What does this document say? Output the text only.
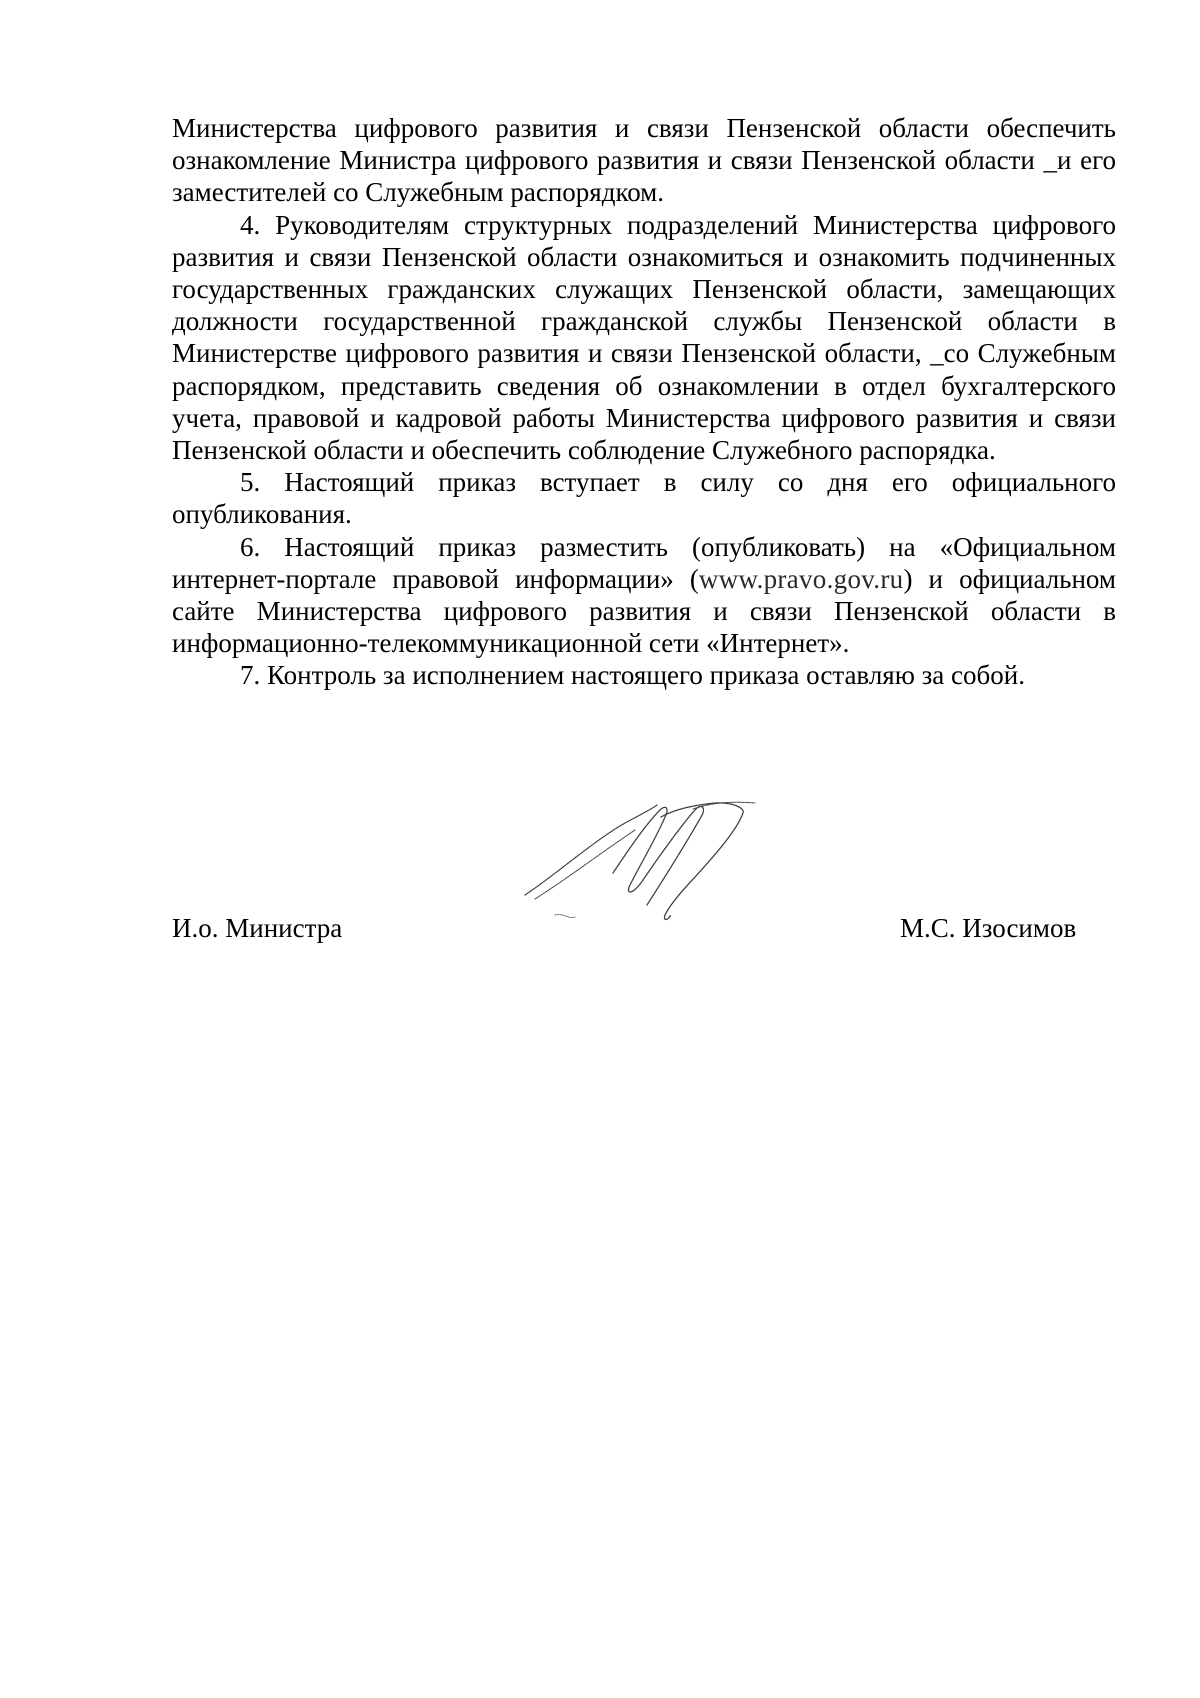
Министерства цифрового развития и связи Пензенской области обеспечить ознакомление Министра цифрового развития и связи Пензенской области _и его заместителей со Служебным распорядком.

4. Руководителям структурных подразделений Министерства цифрового развития и связи Пензенской области ознакомиться и ознакомить подчиненных государственных гражданских служащих Пензенской области, замещающих должности государственной гражданской службы Пензенской области в Министерстве цифрового развития и связи Пензенской области, _со Служебным распорядком, представить сведения об ознакомлении в отдел бухгалтерского учета, правовой и кадровой работы Министерства цифрового развития и связи Пензенской области и обеспечить соблюдение Служебного распорядка.

5. Настоящий приказ вступает в силу со дня его официального опубликования.

6. Настоящий приказ разместить (опубликовать) на «Официальном интернет-портале правовой информации» (www.pravo.gov.ru) и официальном сайте Министерства цифрового развития и связи Пензенской области в информационно-телекоммуникационной сети «Интернет».

7. Контроль за исполнением настоящего приказа оставляю за собой.

И.о. Министра	М.С. Изосимов
